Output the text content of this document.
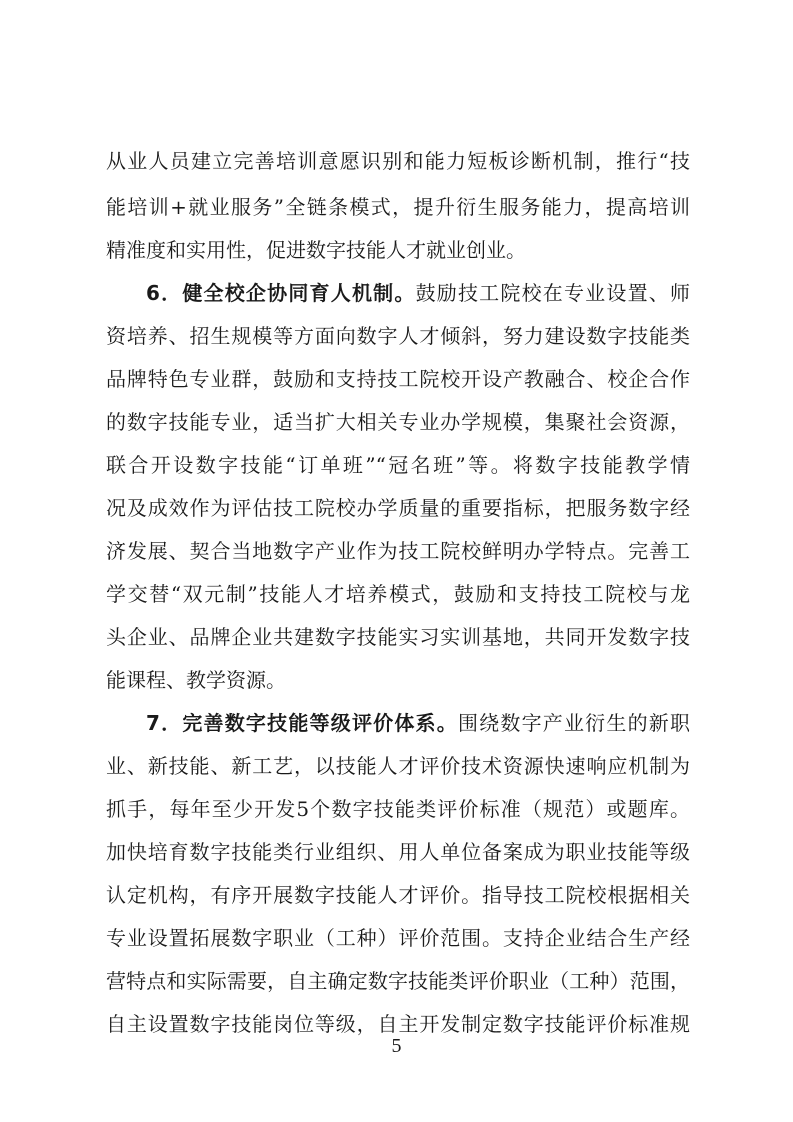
从业人员建立完善培训意愿识别和能力短板诊断机制，推行“技
能培训+就业服务”全链条模式，提升衍生服务能力，提高培训
精准度和实用性，促进数字技能人才就业创业。
6．健全校企协同育人机制。鼓励技工院校在专业设置、师
资培养、招生规模等方面向数字人才倾斜，努力建设数字技能类
品牌特色专业群，鼓励和支持技工院校开设产教融合、校企合作
的数字技能专业，适当扩大相关专业办学规模，集聚社会资源，
联合开设数字技能“订单班”“冠名班”等。将数字技能教学情
况及成效作为评估技工院校办学质量的重要指标，把服务数字经
济发展、契合当地数字产业作为技工院校鲜明办学特点。完善工
学交替“双元制”技能人才培养模式，鼓励和支持技工院校与龙
头企业、品牌企业共建数字技能实习实训基地，共同开发数字技
能课程、教学资源。
7．完善数字技能等级评价体系。围绕数字产业衍生的新职
业、新技能、新工艺，以技能人才评价技术资源快速响应机制为
抓手，每年至少开发5个数字技能类评价标准（规范）或题库。
加快培育数字技能类行业组织、用人单位备案成为职业技能等级
认定机构，有序开展数字技能人才评价。指导技工院校根据相关
专业设置拓展数字职业（工种）评价范围。支持企业结合生产经
营特点和实际需要，自主确定数字技能类评价职业（工种）范围，
自主设置数字技能岗位等级，自主开发制定数字技能评价标准规
5
